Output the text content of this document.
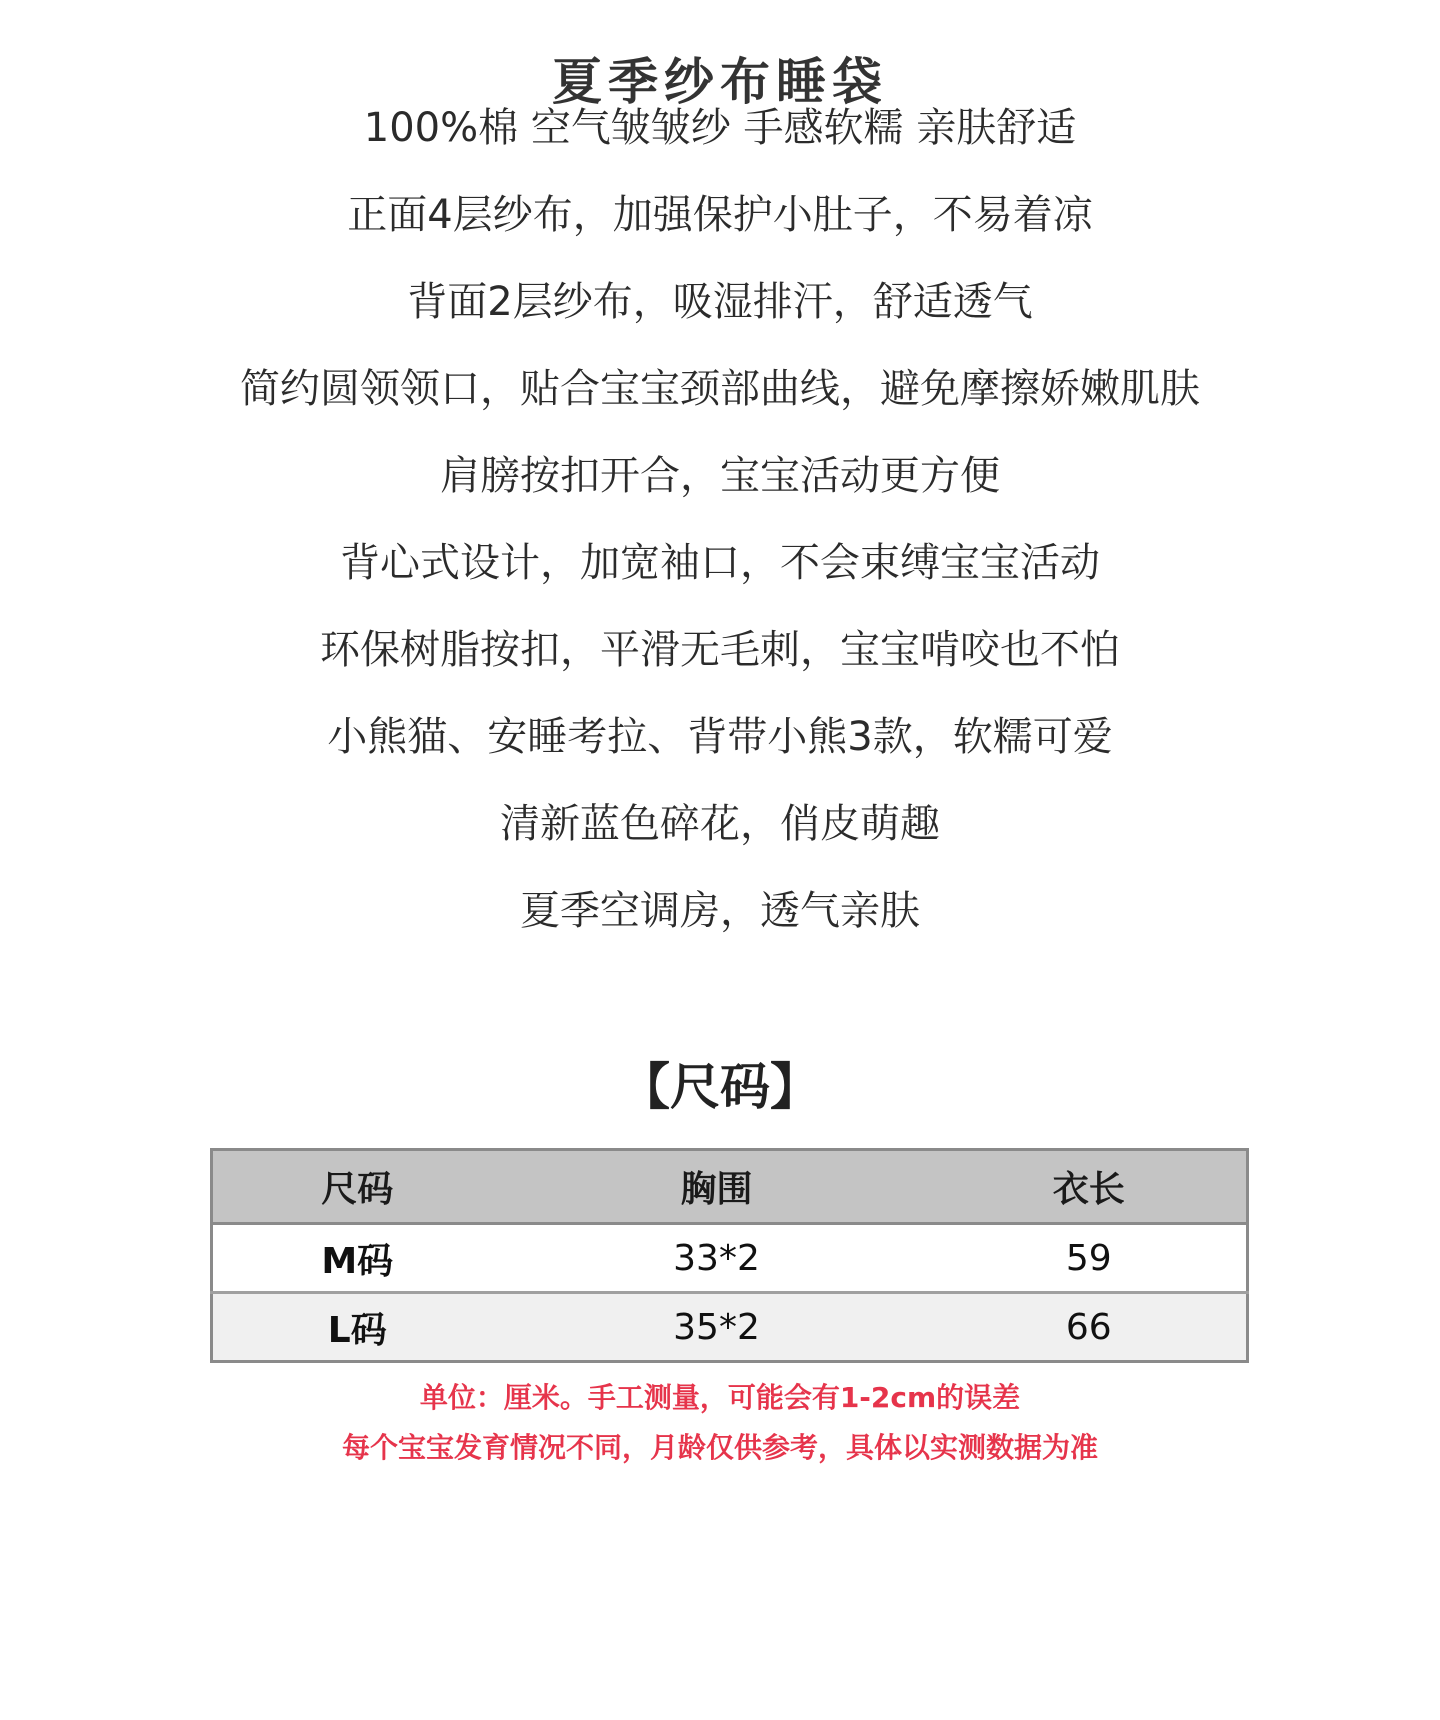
夏季纱布睡袋
100%棉 空气皱皱纱 手感软糯 亲肤舒适
正面4层纱布，加强保护小肚子，不易着凉
背面2层纱布，吸湿排汗，舒适透气
简约圆领领口，贴合宝宝颈部曲线，避免摩擦娇嫩肌肤
肩膀按扣开合，宝宝活动更方便
背心式设计，加宽袖口，不会束缚宝宝活动
环保树脂按扣，平滑无毛刺，宝宝啃咬也不怕
小熊猫、安睡考拉、背带小熊3款，软糯可爱
清新蓝色碎花，俏皮萌趣
夏季空调房，透气亲肤
【尺码】
尺码	胸围	衣长
M码	33*2	59
L码	35*2	66
单位：厘米。手工测量，可能会有1-2cm的误差
每个宝宝发育情况不同，月龄仅供参考，具体以实测数据为准
